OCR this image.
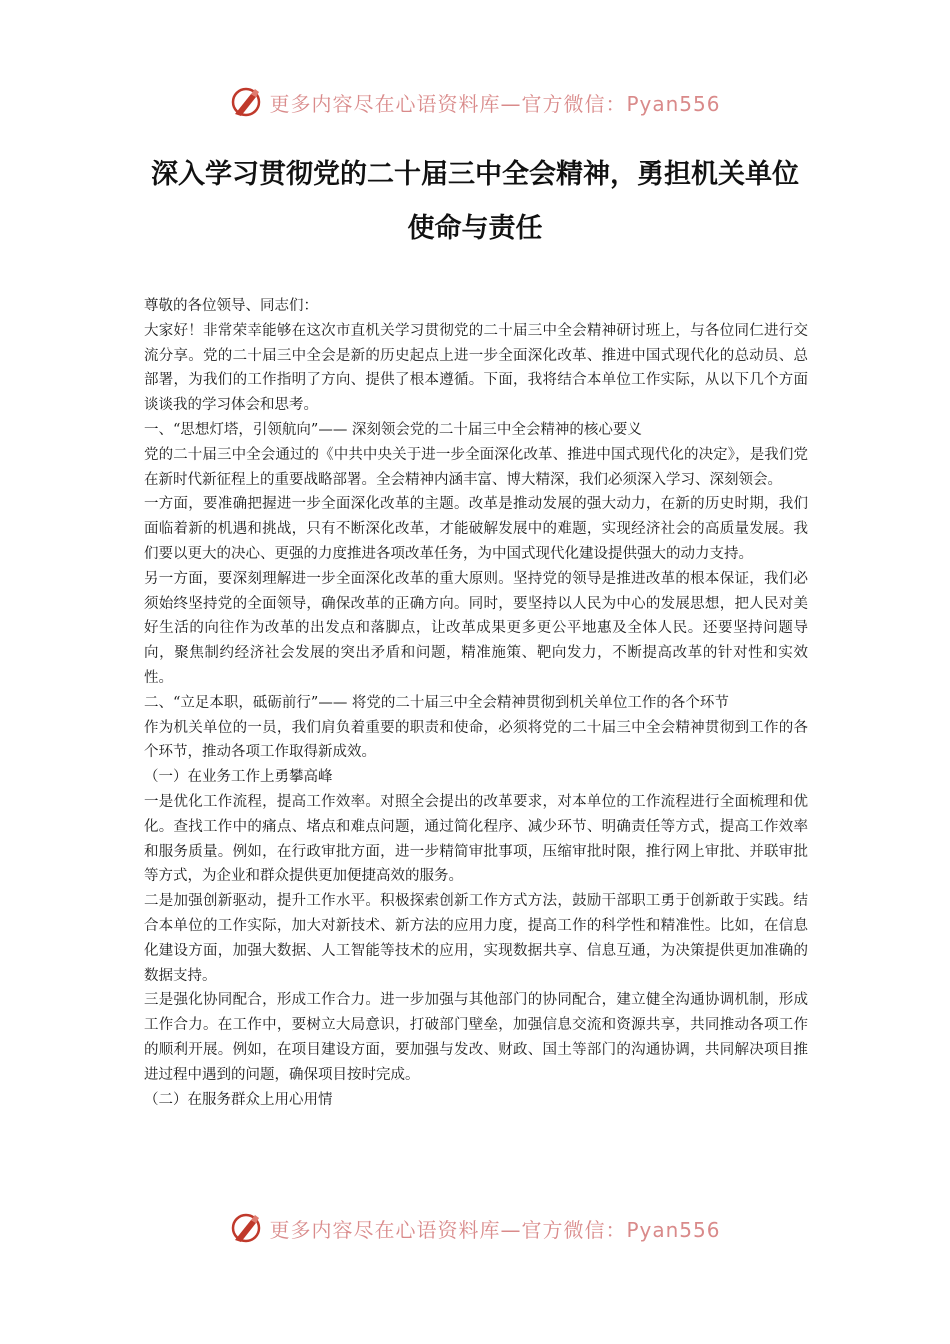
更多内容尽在心语资料库—官方微信：Pyan556
深入学习贯彻党的二十届三中全会精神，勇担机关单位使命与责任

尊敬的各位领导、同志们：

大家好！非常荣幸能够在这次市直机关学习贯彻党的二十届三中全会精神研讨班上，与各位同仁进行交流分享。党的二十届三中全会是新的历史起点上进一步全面深化改革、推进中国式现代化的总动员、总部署，为我们的工作指明了方向、提供了根本遵循。下面，我将结合本单位工作实际，从以下几个方面谈谈我的学习体会和思考。

一、“思想灯塔，引领航向”—— 深刻领会党的二十届三中全会精神的核心要义

党的二十届三中全会通过的《中共中央关于进一步全面深化改革、推进中国式现代化的决定》，是我们党在新时代新征程上的重要战略部署。全会精神内涵丰富、博大精深，我们必须深入学习、深刻领会。

一方面，要准确把握进一步全面深化改革的主题。改革是推动发展的强大动力，在新的历史时期，我们面临着新的机遇和挑战，只有不断深化改革，才能破解发展中的难题，实现经济社会的高质量发展。我们要以更大的决心、更强的力度推进各项改革任务，为中国式现代化建设提供强大的动力支持。

另一方面，要深刻理解进一步全面深化改革的重大原则。坚持党的领导是推进改革的根本保证，我们必须始终坚持党的全面领导，确保改革的正确方向。同时，要坚持以人民为中心的发展思想，把人民对美好生活的向往作为改革的出发点和落脚点，让改革成果更多更公平地惠及全体人民。还要坚持问题导向，聚焦制约经济社会发展的突出矛盾和问题，精准施策、靶向发力，不断提高改革的针对性和实效性。

二、“立足本职，砥砺前行”—— 将党的二十届三中全会精神贯彻到机关单位工作的各个环节

作为机关单位的一员，我们肩负着重要的职责和使命，必须将党的二十届三中全会精神贯彻到工作的各个环节，推动各项工作取得新成效。

（一）在业务工作上勇攀高峰

一是优化工作流程，提高工作效率。对照全会提出的改革要求，对本单位的工作流程进行全面梳理和优化。查找工作中的痛点、堵点和难点问题，通过简化程序、减少环节、明确责任等方式，提高工作效率和服务质量。例如，在行政审批方面，进一步精简审批事项，压缩审批时限，推行网上审批、并联审批等方式，为企业和群众提供更加便捷高效的服务。

二是加强创新驱动，提升工作水平。积极探索创新工作方式方法，鼓励干部职工勇于创新敢于实践。结合本单位的工作实际，加大对新技术、新方法的应用力度，提高工作的科学性和精准性。比如，在信息化建设方面，加强大数据、人工智能等技术的应用，实现数据共享、信息互通，为决策提供更加准确的数据支持。

三是强化协同配合，形成工作合力。进一步加强与其他部门的协同配合，建立健全沟通协调机制，形成工作合力。在工作中，要树立大局意识，打破部门壁垒，加强信息交流和资源共享，共同推动各项工作的顺利开展。例如，在项目建设方面，要加强与发改、财政、国土等部门的沟通协调，共同解决项目推进过程中遇到的问题，确保项目按时完成。

（二）在服务群众上用心用情

更多内容尽在心语资料库—官方微信：Pyan556
